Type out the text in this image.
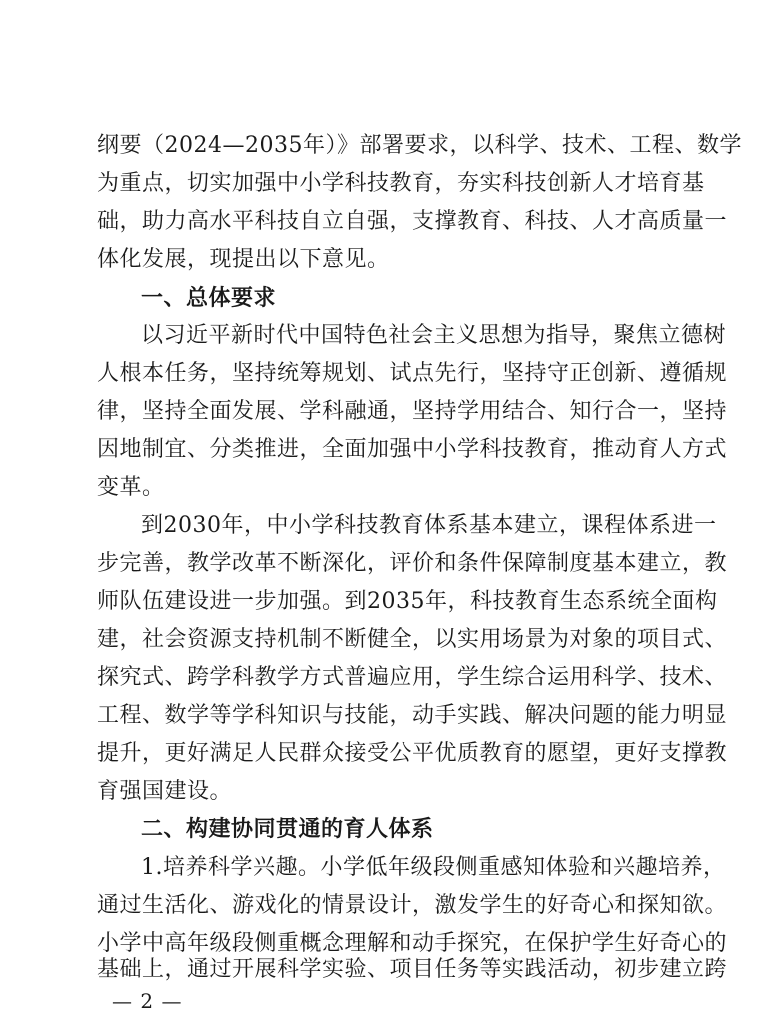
纲要（2024—2035年）》部署要求，以科学、技术、工程、数学
为重点，切实加强中小学科技教育，夯实科技创新人才培育基
础，助力高水平科技自立自强，支撑教育、科技、人才高质量一
体化发展，现提出以下意见。
一、总体要求
以习近平新时代中国特色社会主义思想为指导，聚焦立德树
人根本任务，坚持统筹规划、试点先行，坚持守正创新、遵循规
律，坚持全面发展、学科融通，坚持学用结合、知行合一，坚持
因地制宜、分类推进，全面加强中小学科技教育，推动育人方式
变革。
到2030年，中小学科技教育体系基本建立，课程体系进一
步完善，教学改革不断深化，评价和条件保障制度基本建立，教
师队伍建设进一步加强。到2035年，科技教育生态系统全面构
建，社会资源支持机制不断健全，以实用场景为对象的项目式、
探究式、跨学科教学方式普遍应用，学生综合运用科学、技术、
工程、数学等学科知识与技能，动手实践、解决问题的能力明显
提升，更好满足人民群众接受公平优质教育的愿望，更好支撑教
育强国建设。
二、构建协同贯通的育人体系
1.培养科学兴趣。小学低年级段侧重感知体验和兴趣培养，
通过生活化、游戏化的情景设计，激发学生的好奇心和探知欲。
小学中高年级段侧重概念理解和动手探究，在保护学生好奇心的
基础上，通过开展科学实验、项目任务等实践活动，初步建立跨
— 2 —
